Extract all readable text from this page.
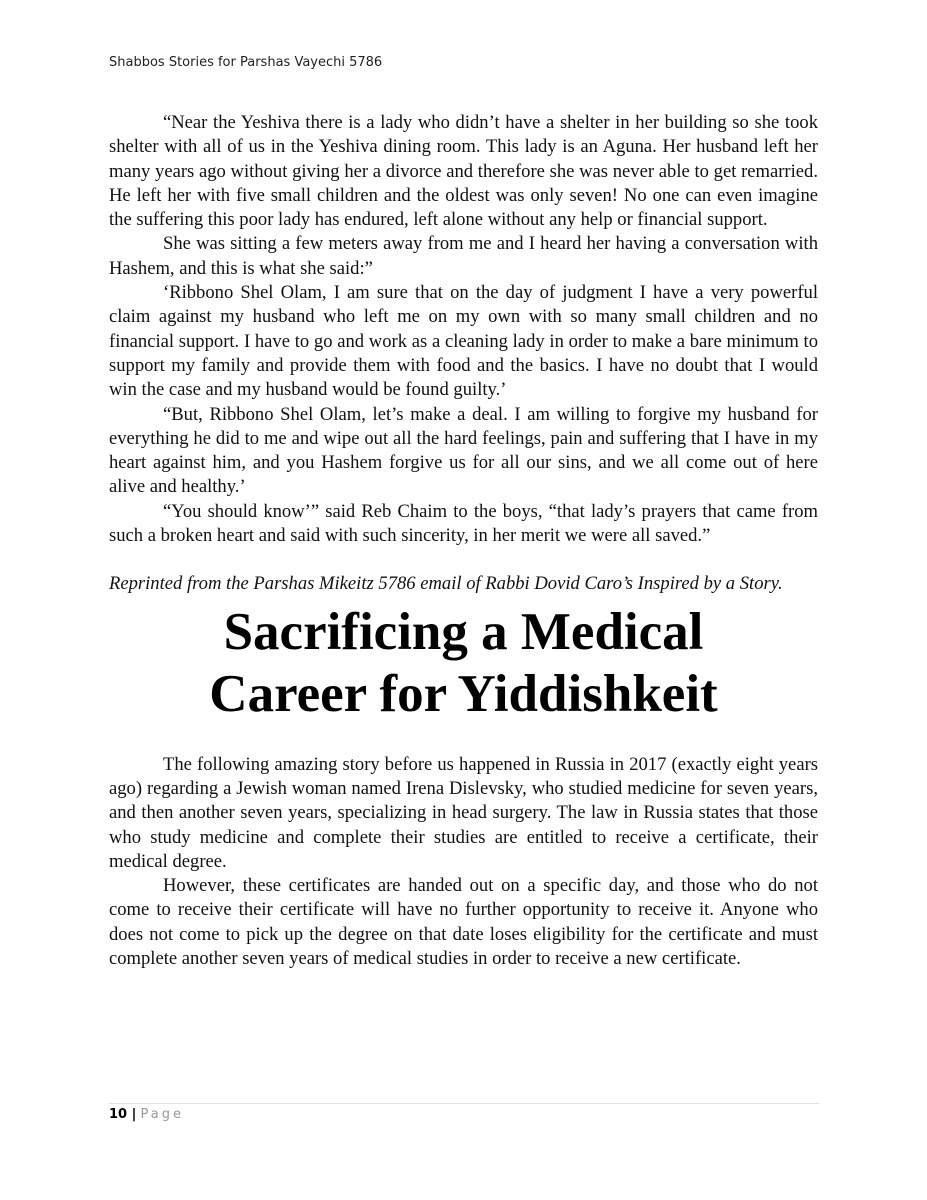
Shabbos Stories for Parshas Vayechi 5786

“Near the Yeshiva there is a lady who didn’t have a shelter in her building so she took shelter with all of us in the Yeshiva dining room. This lady is an Aguna. Her husband left her many years ago without giving her a divorce and therefore she was never able to get remarried. He left her with five small children and the oldest was only seven! No one can even imagine the suffering this poor lady has endured, left alone without any help or financial support.

She was sitting a few meters away from me and I heard her having a conversation with Hashem, and this is what she said:”

‘Ribbono Shel Olam, I am sure that on the day of judgment I have a very powerful claim against my husband who left me on my own with so many small children and no financial support. I have to go and work as a cleaning lady in order to make a bare minimum to support my family and provide them with food and the basics. I have no doubt that I would win the case and my husband would be found guilty.’

“But, Ribbono Shel Olam, let’s make a deal. I am willing to forgive my husband for everything he did to me and wipe out all the hard feelings, pain and suffering that I have in my heart against him, and you Hashem forgive us for all our sins, and we all come out of here alive and healthy.’

“You should know’” said Reb Chaim to the boys, “that lady’s prayers that came from such a broken heart and said with such sincerity, in her merit we were all saved.”

Reprinted from the Parshas Mikeitz 5786 email of Rabbi Dovid Caro’s Inspired by a Story.

Sacrificing a Medical
Career for Yiddishkeit

The following amazing story before us happened in Russia in 2017 (exactly eight years ago) regarding a Jewish woman named Irena Dislevsky, who studied medicine for seven years, and then another seven years, specializing in head surgery. The law in Russia states that those who study medicine and complete their studies are entitled to receive a certificate, their medical degree.

However, these certificates are handed out on a specific day, and those who do not come to receive their certificate will have no further opportunity to receive it. Anyone who does not come to pick up the degree on that date loses eligibility for the certificate and must complete another seven years of medical studies in order to receive a new certificate.

10 | Page
